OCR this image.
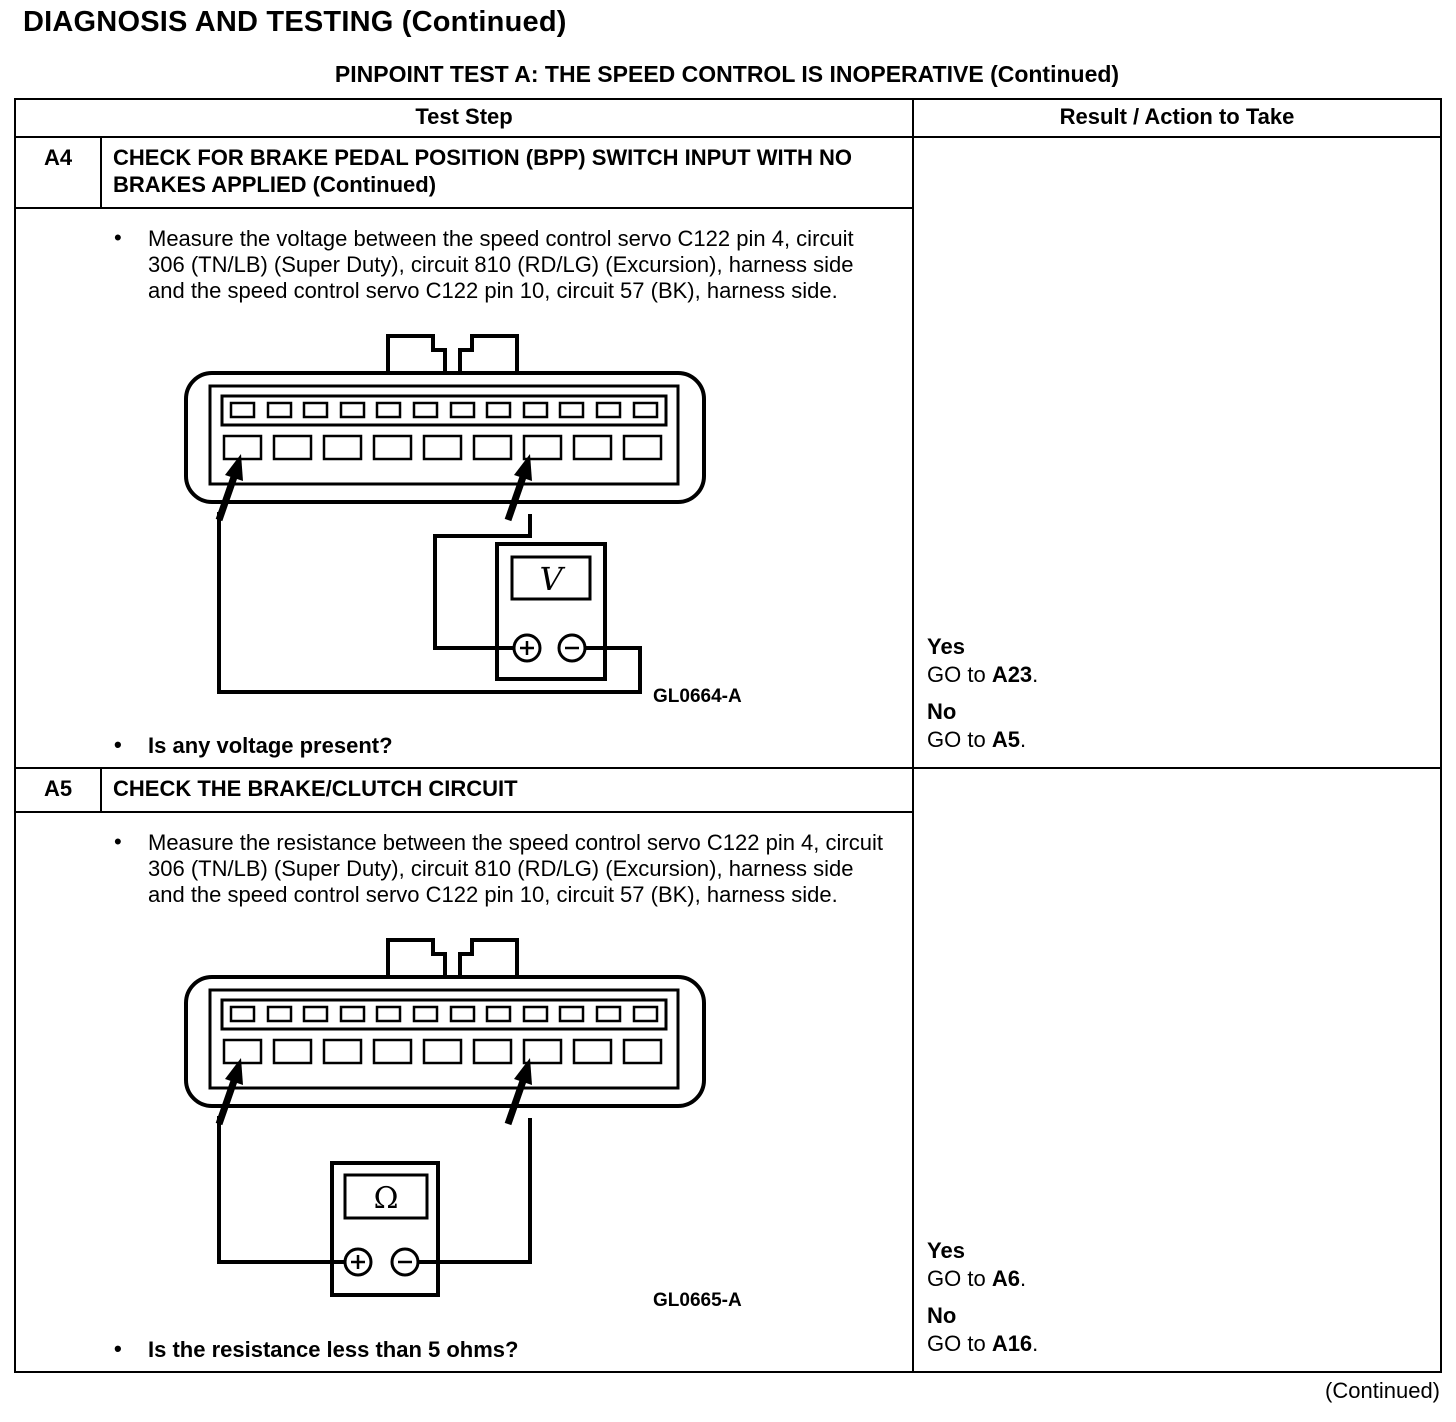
DIAGNOSIS AND TESTING (Continued)
PINPOINT TEST A: THE SPEED CONTROL IS INOPERATIVE (Continued)
Test Step		Result / Action to Take
A4	CHECK FOR BRAKE PEDAL POSITION (BPP) SWITCH INPUT WITH NO BRAKES APPLIED (Continued)	Yes
GO to A23.
No
GO to A5.

• Measure the voltage between the speed control servo C122 pin 4, circuit 306 (TN/LB) (Super Duty), circuit 810 (RD/LG) (Excursion), harness side and the speed control servo C122 pin 10, circuit 57 (BK), harness side.
V
GL0664-A
• Is any voltage present?

A5	CHECK THE BRAKE/CLUTCH CIRCUIT	Yes
GO to A6.
No
GO to A16.

• Measure the resistance between the speed control servo C122 pin 4, circuit 306 (TN/LB) (Super Duty), circuit 810 (RD/LG) (Excursion), harness side and the speed control servo C122 pin 10, circuit 57 (BK), harness side.
Ω
GL0665-A
• Is the resistance less than 5 ohms?
(Continued)
